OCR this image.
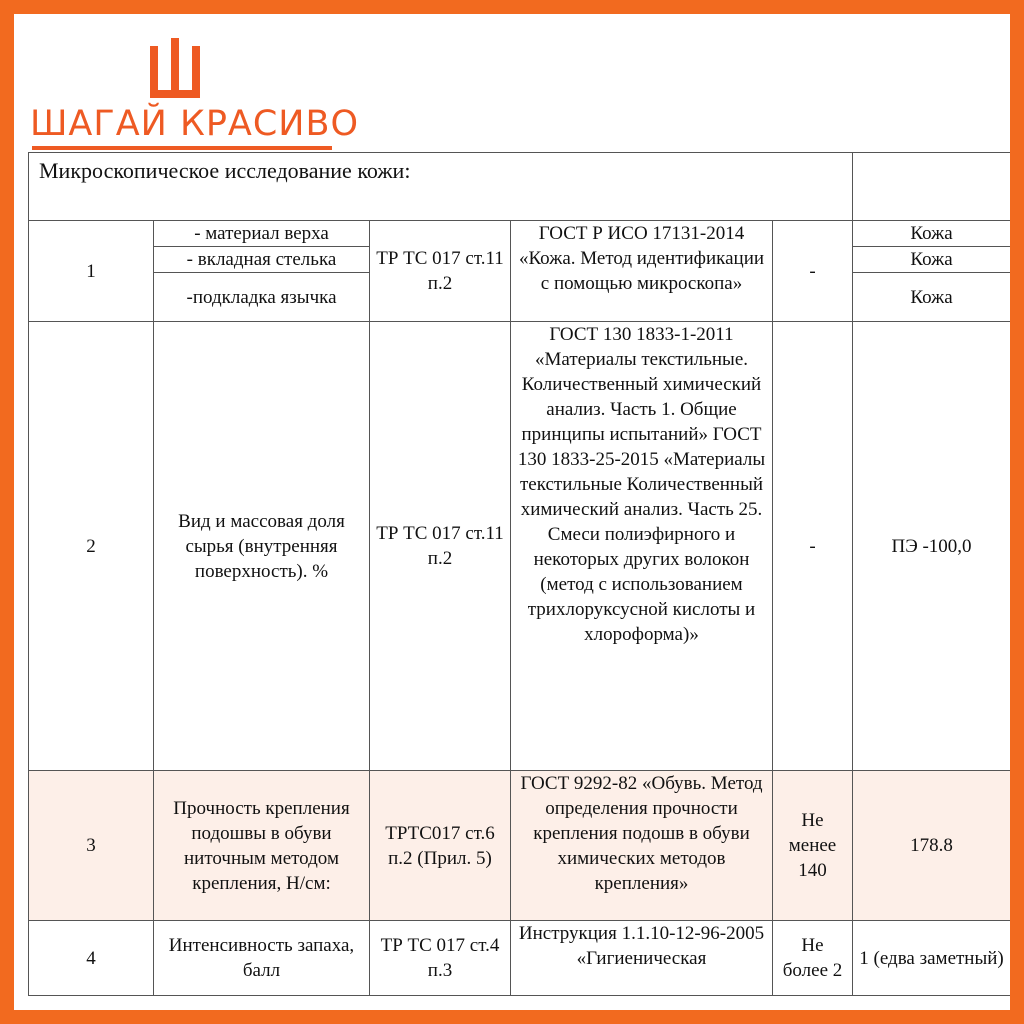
ШАГАЙ КРАСИВО
Микроскопическое исследование кожи:					
1	- материал верха	ТР ТС 017 ст.11 п.2	ГОСТ Р ИСО 17131-2014 «Кожа. Метод идентификации с помощью микроскопа»	-	Кожа
	- вкладная стелька				Кожа
	-подкладка язычка				Кожа
2	Вид и массовая доля сырья (внутренняя поверхность). %	ТР ТС 017 ст.11 п.2	ГОСТ 130 1833-1-2011 «Материалы текстильные. Количественный химический анализ. Часть 1. Общие принципы испытаний» ГОСТ 130 1833-25-2015 «Материалы текстильные Количественный химический анализ. Часть 25. Смеси полиэфирного и некоторых других волокон (метод с использованием трихлоруксусной кислоты и хлороформа)»	-	ПЭ -100,0
3	Прочность крепления подошвы в обуви ниточным методом крепления, Н/см:	ТРТС017 ст.6 п.2 (Прил. 5)	ГОСТ 9292-82 «Обувь. Метод определения прочности крепления подошв в обуви химических методов крепления»	Не менее 140	178.8
4	Интенсивность запаха, балл	ТР ТС 017 ст.4 п.3	Инструкция 1.1.10-12-96-2005 «Гигиеническая	Не более 2	1 (едва заметный)
